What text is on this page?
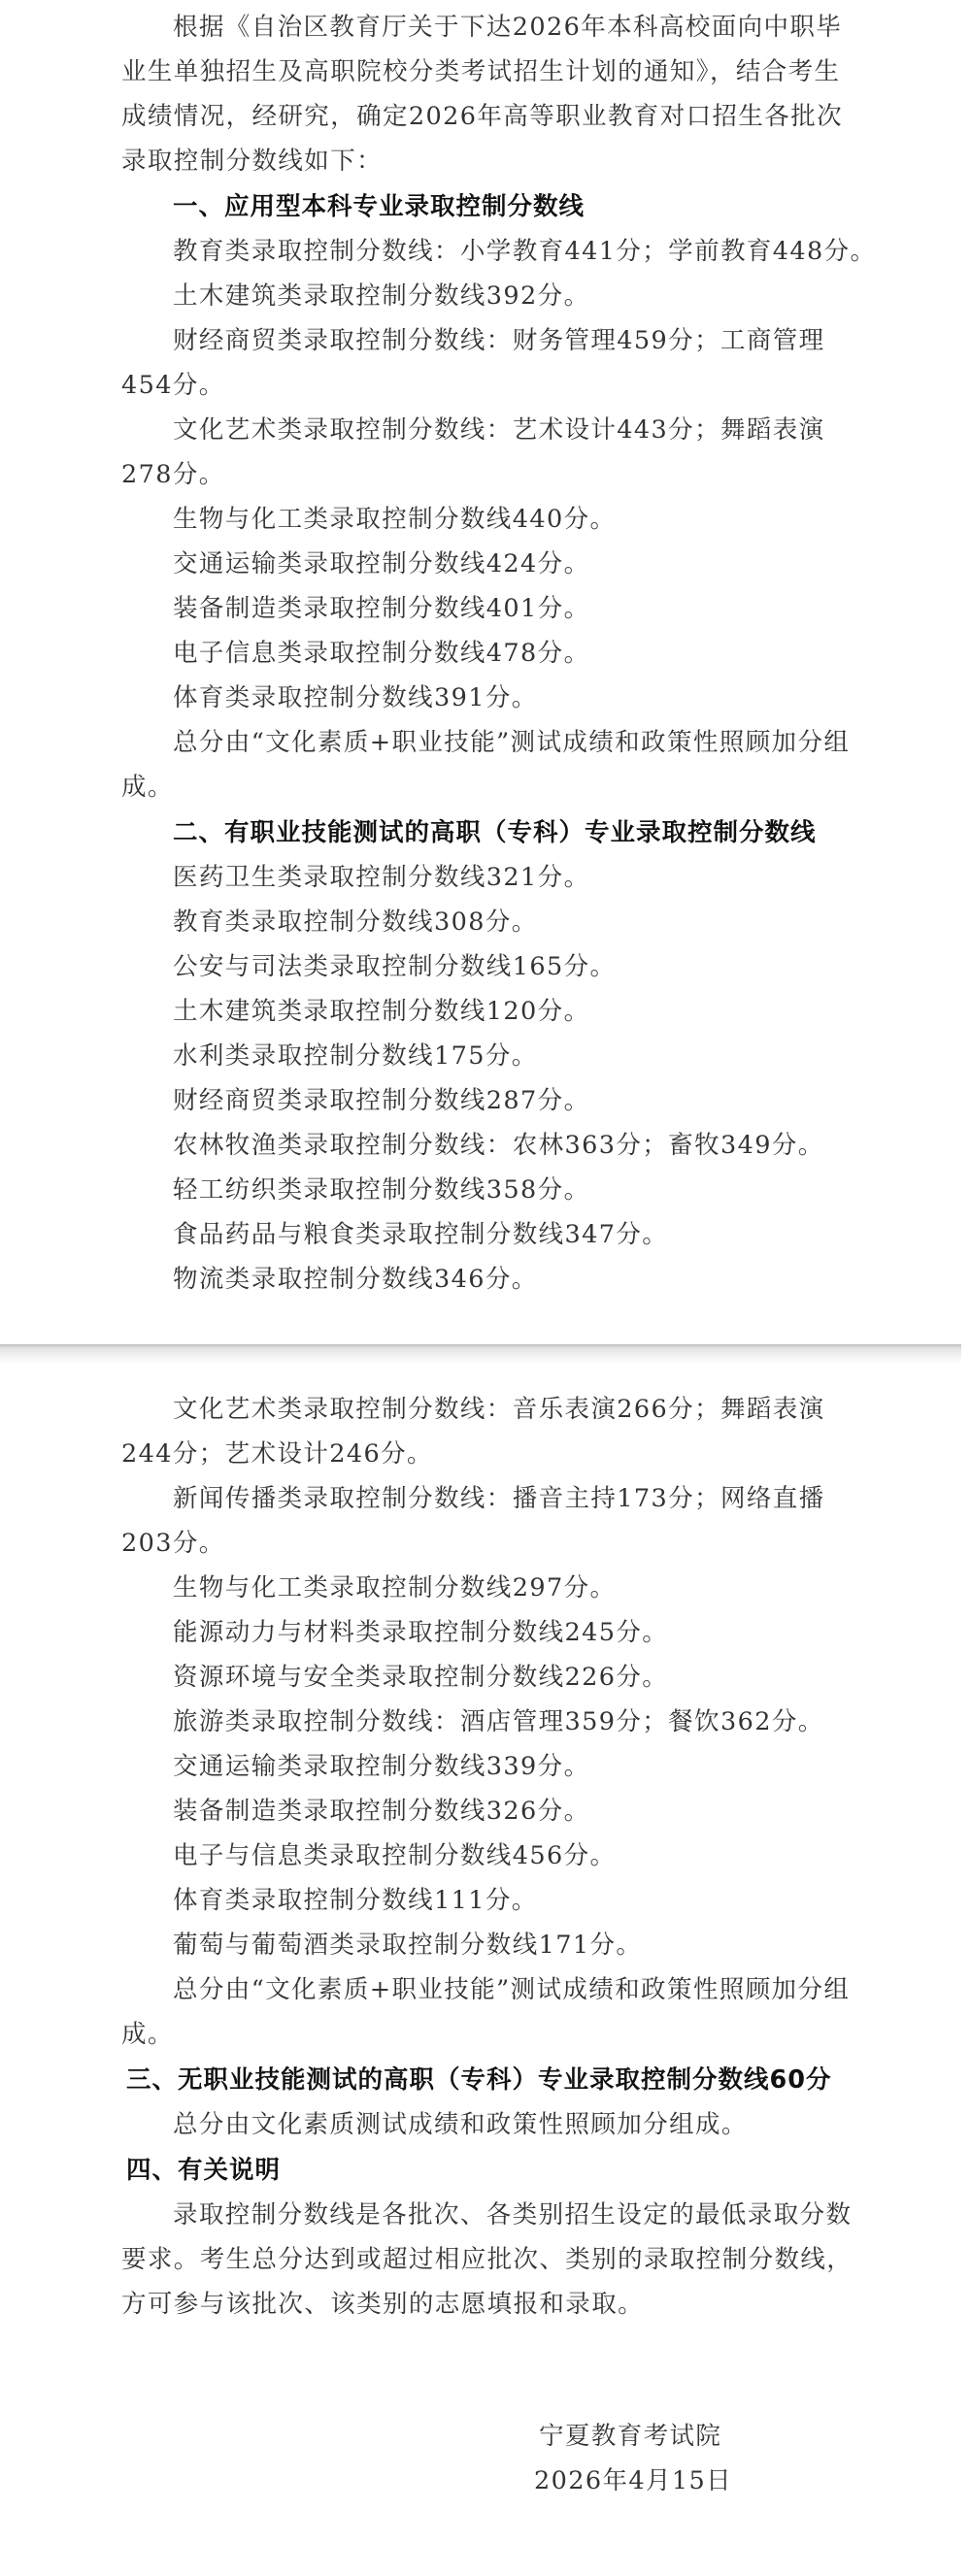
根据《自治区教育厅关于下达2026年本科高校面向中职毕
业生单独招生及高职院校分类考试招生计划的通知》，结合考生
成绩情况，经研究，确定2026年高等职业教育对口招生各批次
录取控制分数线如下：
一、应用型本科专业录取控制分数线
教育类录取控制分数线：小学教育441分；学前教育448分。
土木建筑类录取控制分数线392分。
财经商贸类录取控制分数线：财务管理459分；工商管理
454分。
文化艺术类录取控制分数线：艺术设计443分；舞蹈表演
278分。
生物与化工类录取控制分数线440分。
交通运输类录取控制分数线424分。
装备制造类录取控制分数线401分。
电子信息类录取控制分数线478分。
体育类录取控制分数线391分。
总分由“文化素质+职业技能”测试成绩和政策性照顾加分组
成。
二、有职业技能测试的高职（专科）专业录取控制分数线
医药卫生类录取控制分数线321分。
教育类录取控制分数线308分。
公安与司法类录取控制分数线165分。
土木建筑类录取控制分数线120分。
水利类录取控制分数线175分。
财经商贸类录取控制分数线287分。
农林牧渔类录取控制分数线：农林363分；畜牧349分。
轻工纺织类录取控制分数线358分。
食品药品与粮食类录取控制分数线347分。
物流类录取控制分数线346分。
文化艺术类录取控制分数线：音乐表演266分；舞蹈表演
244分；艺术设计246分。
新闻传播类录取控制分数线：播音主持173分；网络直播
203分。
生物与化工类录取控制分数线297分。
能源动力与材料类录取控制分数线245分。
资源环境与安全类录取控制分数线226分。
旅游类录取控制分数线：酒店管理359分；餐饮362分。
交通运输类录取控制分数线339分。
装备制造类录取控制分数线326分。
电子与信息类录取控制分数线456分。
体育类录取控制分数线111分。
葡萄与葡萄酒类录取控制分数线171分。
总分由“文化素质+职业技能”测试成绩和政策性照顾加分组
成。
三、无职业技能测试的高职（专科）专业录取控制分数线60分
总分由文化素质测试成绩和政策性照顾加分组成。
四、有关说明
录取控制分数线是各批次、各类别招生设定的最低录取分数
要求。考生总分达到或超过相应批次、类别的录取控制分数线，
方可参与该批次、该类别的志愿填报和录取。
宁夏教育考试院
2026年4月15日
